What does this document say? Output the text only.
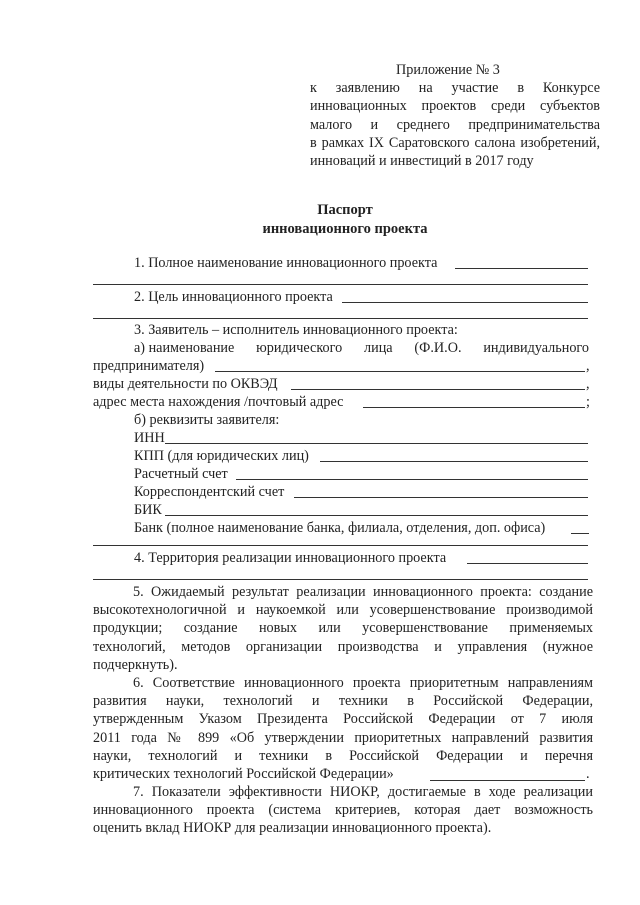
Приложение № 3
к заявлению на участие в Конкурсе
инновационных проектов среди субъектов
малого и среднего предпринимательства
в рамках IX Саратовского салона изобретений,
инноваций и инвестиций в 2017 году
Паспорт
инновационного проекта
1. Полное наименование инновационного проекта
2. Цель инновационного проекта
3. Заявитель – исполнитель инновационного проекта:
а) наименование юридического лица (Ф.И.О. индивидуального
предпринимателя)	,
виды деятельности по ОКВЭД	,
адрес места нахождения /почтовый адрес	;
б) реквизиты заявителя:
ИНН
КПП (для юридических лиц)
Расчетный счет
Корреспондентский счет
БИК
Банк (полное наименование банка, филиала, отделения, доп. офиса)
4. Территория реализации инновационного проекта
5. Ожидаемый результат реализации инновационного проекта: создание
высокотехнологичной и наукоемкой или усовершенствование производимой
продукции; создание новых или усовершенствование применяемых
технологий, методов организации производства и управления (нужное
подчеркнуть).
6. Соответствие инновационного проекта приоритетным направлениям
развития науки, технологий и техники в Российской Федерации,
утвержденным Указом Президента Российской Федерации от 7 июля
2011 года № 899 «Об утверждении приоритетных направлений развития
науки, технологий и техники в Российской Федерации и перечня
критических технологий Российской Федерации»	.
7. Показатели эффективности НИОКР, достигаемые в ходе реализации
инновационного проекта (система критериев, которая дает возможность
оценить вклад НИОКР для реализации инновационного проекта).
